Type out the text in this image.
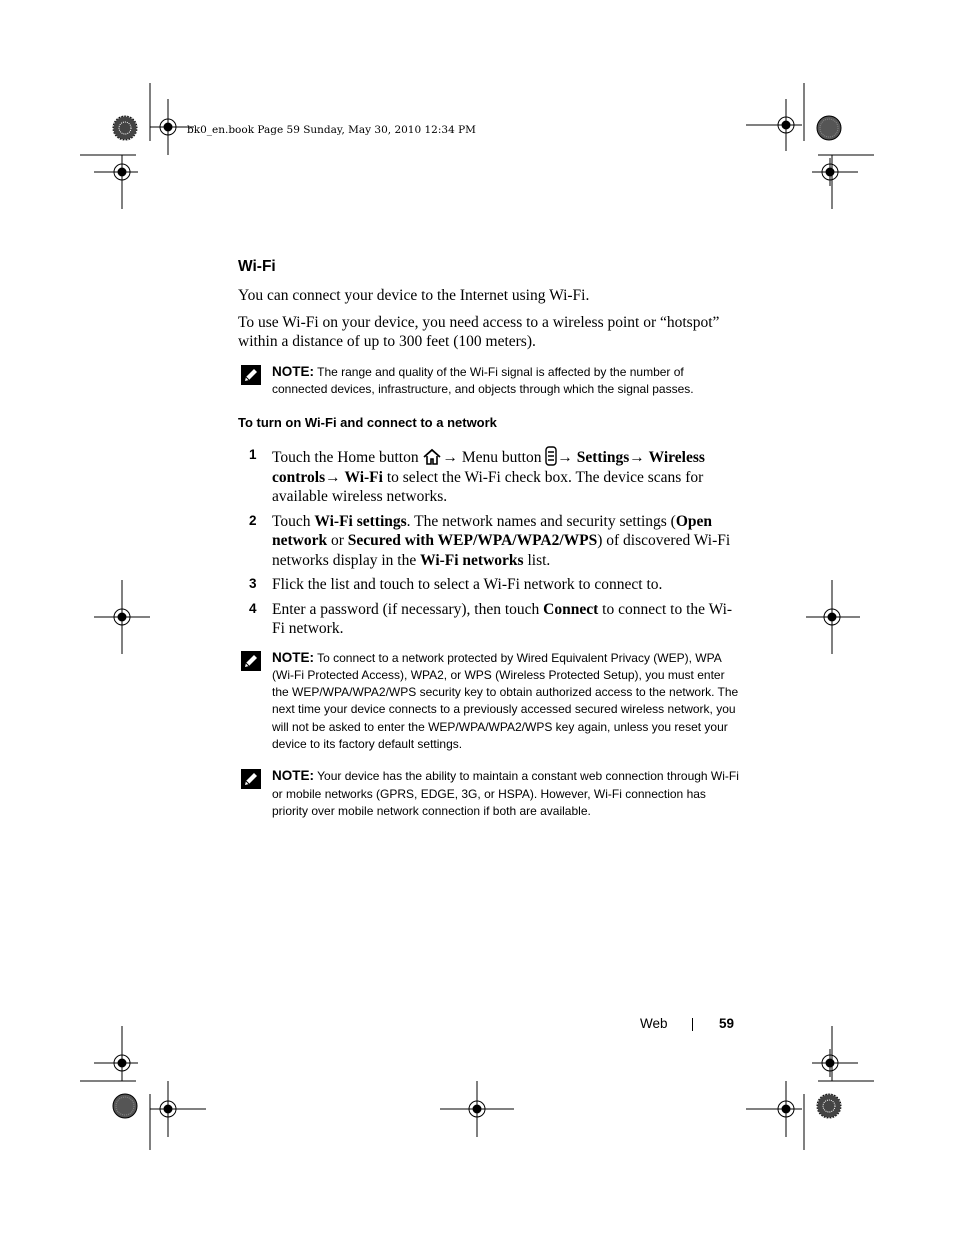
bk0_en.book Page 59 Sunday, May 30, 2010 12:34 PM
Wi-Fi

You can connect your device to the Internet using Wi-Fi.

To use Wi-Fi on your device, you need access to a wireless point or “hotspot” within a distance of up to 300 feet (100 meters).

NOTE: The range and quality of the Wi-Fi signal is affected by the number of connected devices, infrastructure, and objects through which the signal passes.

To turn on Wi-Fi and connect to a network
1 Touch the Home button → Menu button → Settings→ Wireless controls→ Wi-Fi to select the Wi-Fi check box. The device scans for available wireless networks.
2 Touch Wi-Fi settings. The network names and security settings (Open network or Secured with WEP/WPA/WPA2/WPS) of discovered Wi-Fi networks display in the Wi-Fi networks list.
3 Flick the list and touch to select a Wi-Fi network to connect to.
4 Enter a password (if necessary), then touch Connect to connect to the Wi-Fi network.

NOTE: To connect to a network protected by Wired Equivalent Privacy (WEP), WPA (Wi-Fi Protected Access), WPA2, or WPS (Wireless Protected Setup), you must enter the WEP/WPA/WPA2/WPS security key to obtain authorized access to the network. The next time your device connects to a previously accessed secured wireless network, you will not be asked to enter the WEP/WPA/WPA2/WPS key again, unless you reset your device to its factory default settings.

NOTE: Your device has the ability to maintain a constant web connection through Wi-Fi or mobile networks (GPRS, EDGE, 3G, or HSPA). However, Wi-Fi connection has priority over mobile network connection if both are available.

Web	59
